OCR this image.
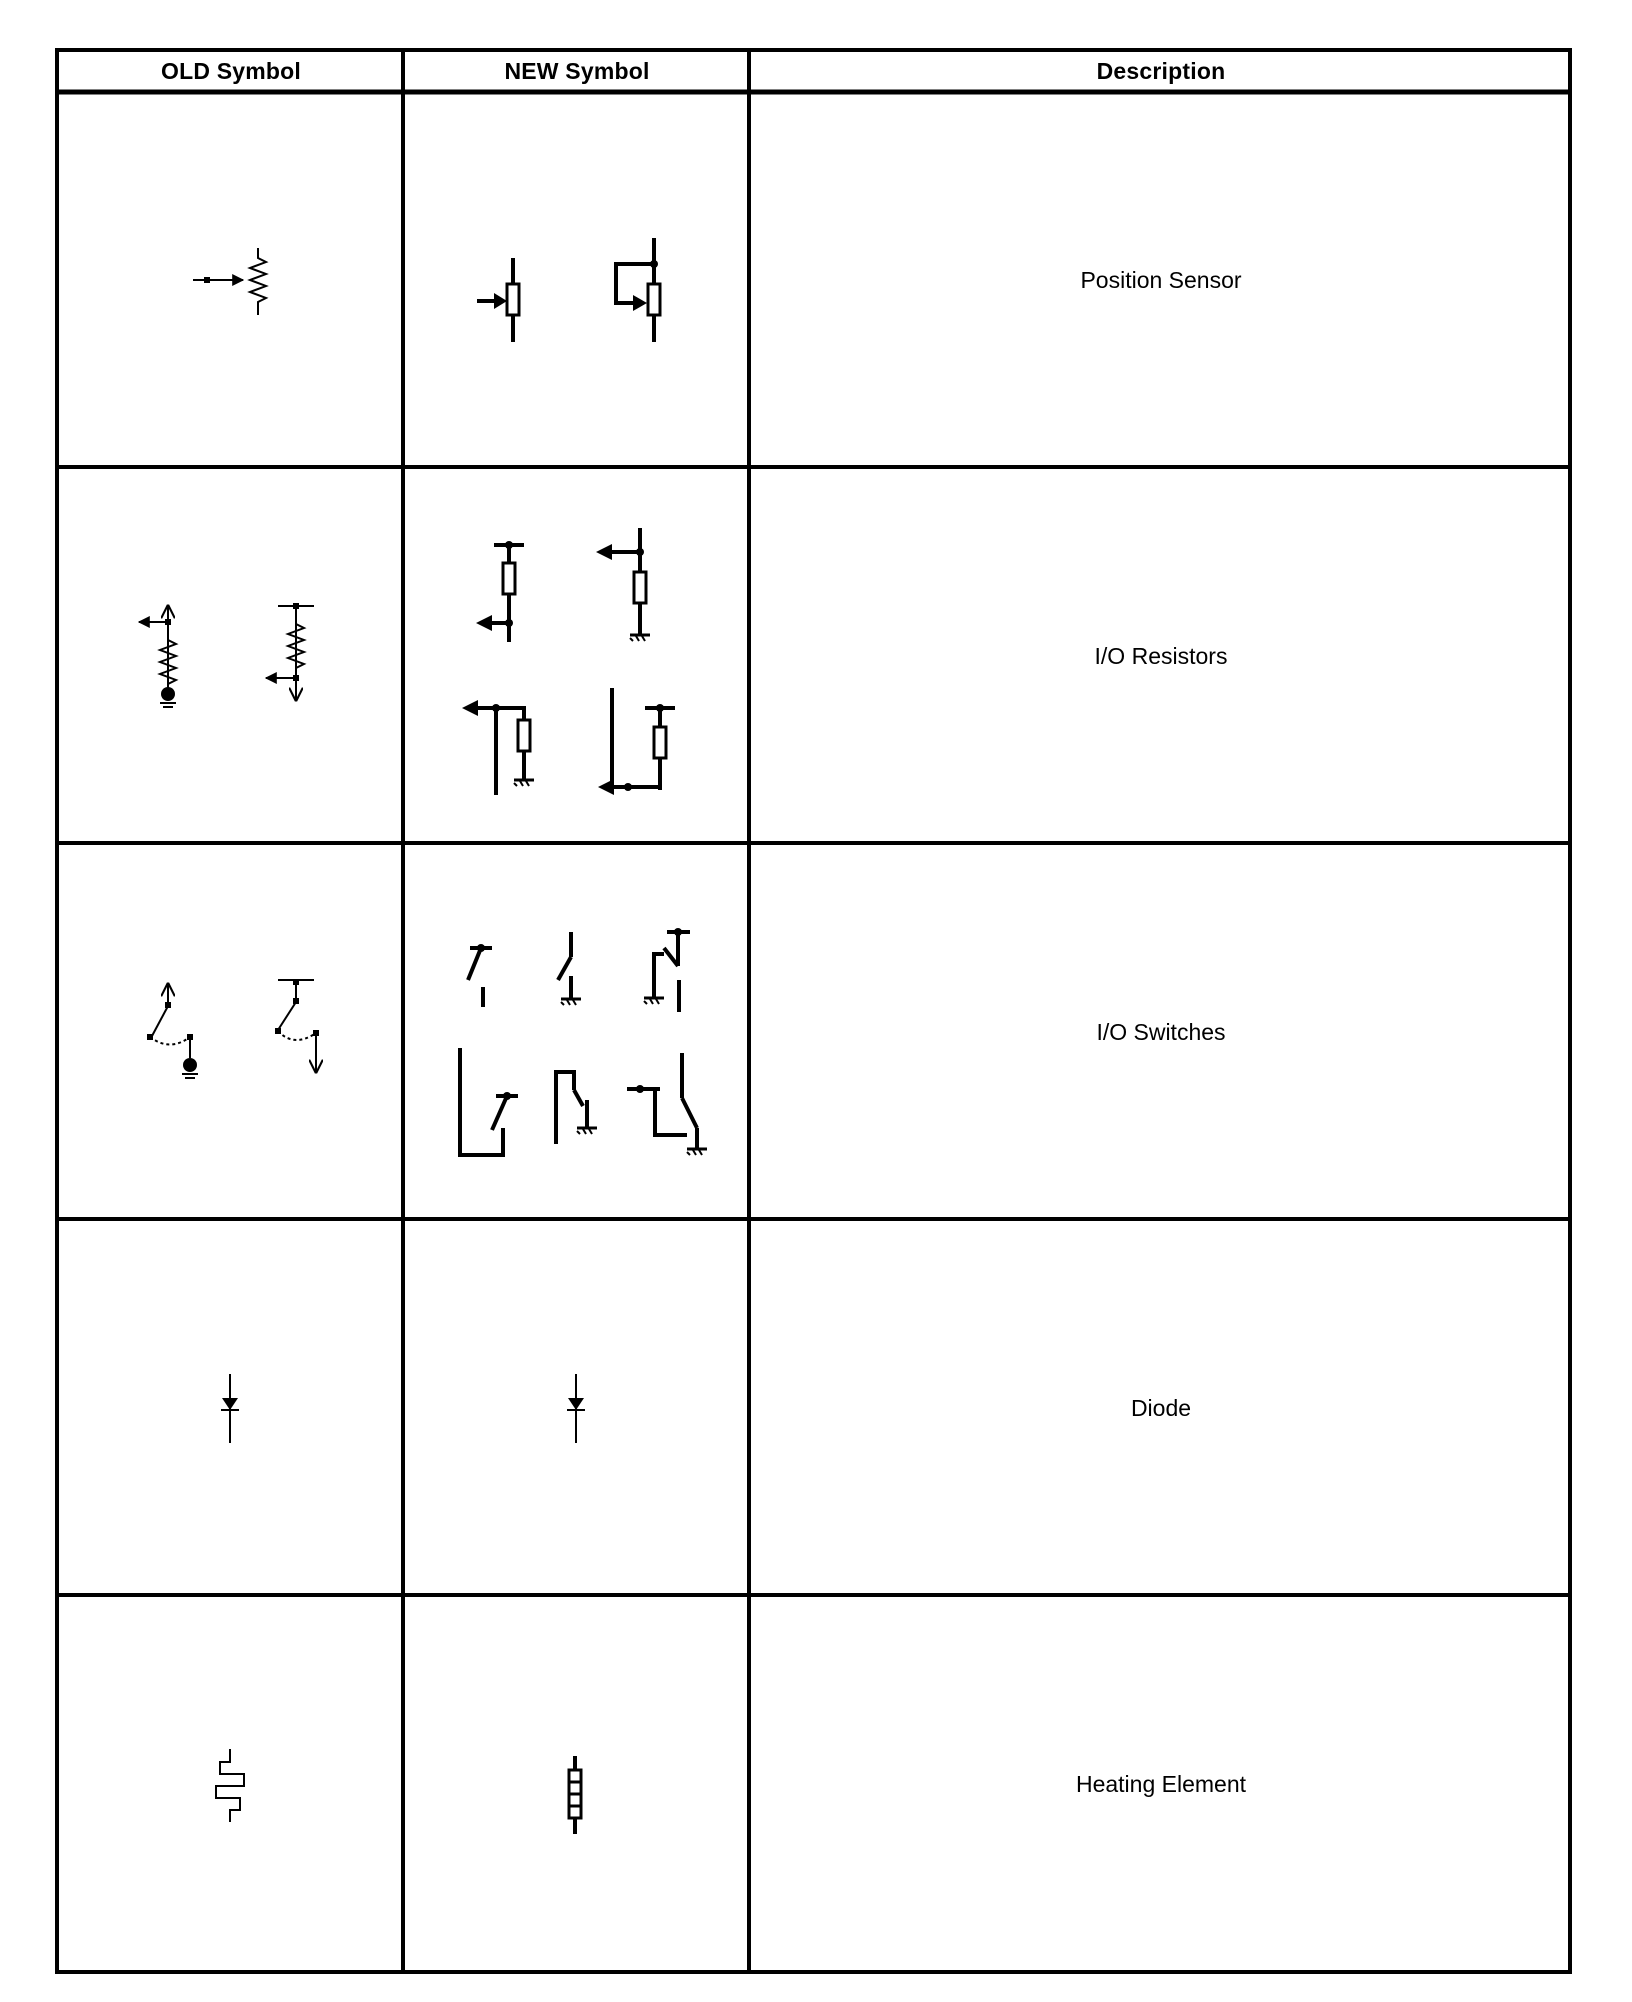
OLD Symbol	NEW Symbol	Description
Position Sensor
I/O Resistors
I/O Switches
Diode
Heating Element
